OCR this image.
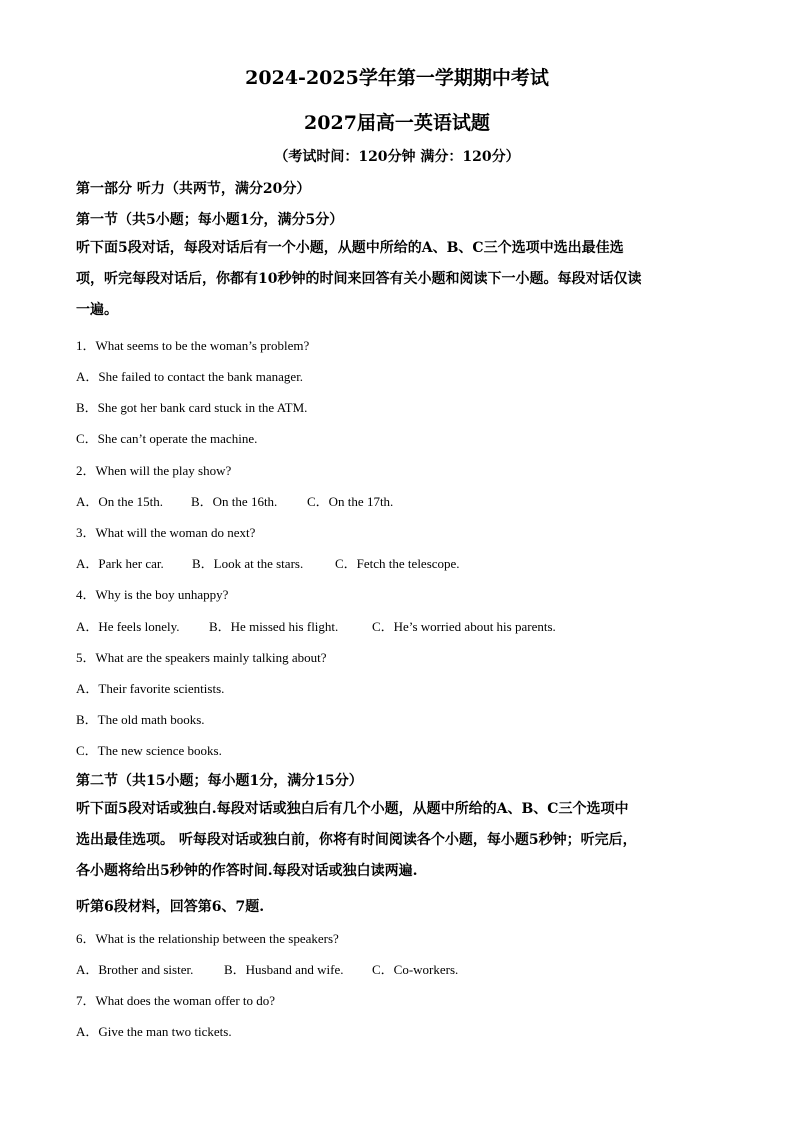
2024-2025学年第一学期期中考试
2027届高一英语试题
（考试时间：120分钟 满分：120分）
第一部分 听力（共两节，满分20分）
第一节（共5小题；每小题1分，满分5分）
听下面5段对话，每段对话后有一个小题，从题中所给的A、B、C三个选项中选出最佳选
项，听完每段对话后，你都有10秒钟的时间来回答有关小题和阅读下一小题。每段对话仅读
一遍。
1．What seems to be the woman’s problem?
A．She failed to contact the bank manager.
B．She got her bank card stuck in the ATM.
C．She can’t operate the machine.
2．When will the play show?
A．On the 15th. B．On the 16th. C．On the 17th.
3．What will the woman do next?
A．Park her car. B．Look at the stars. C．Fetch the telescope.
4．Why is the boy unhappy?
A．He feels lonely. B．He missed his flight.	C．He’s worried about his parents.
5．What are the speakers mainly talking about?
A．Their favorite scientists.
B．The old math books.
C．The new science books.
第二节（共15小题；每小题1分，满分15分）
听下面5段对话或独白.每段对话或独白后有几个小题，从题中所给的A、B、C三个选项中
选出最佳选项。 听每段对话或独白前，你将有时间阅读各个小题，每小题5秒钟；听完后，
各小题将给出5秒钟的作答时间.每段对话或独白读两遍.
听第6段材料，回答第6、7题.
6．What is the relationship between the speakers?
A．Brother and sister. B．Husband and wife. C．Co-workers.
7．What does the woman offer to do?
A．Give the man two tickets.
